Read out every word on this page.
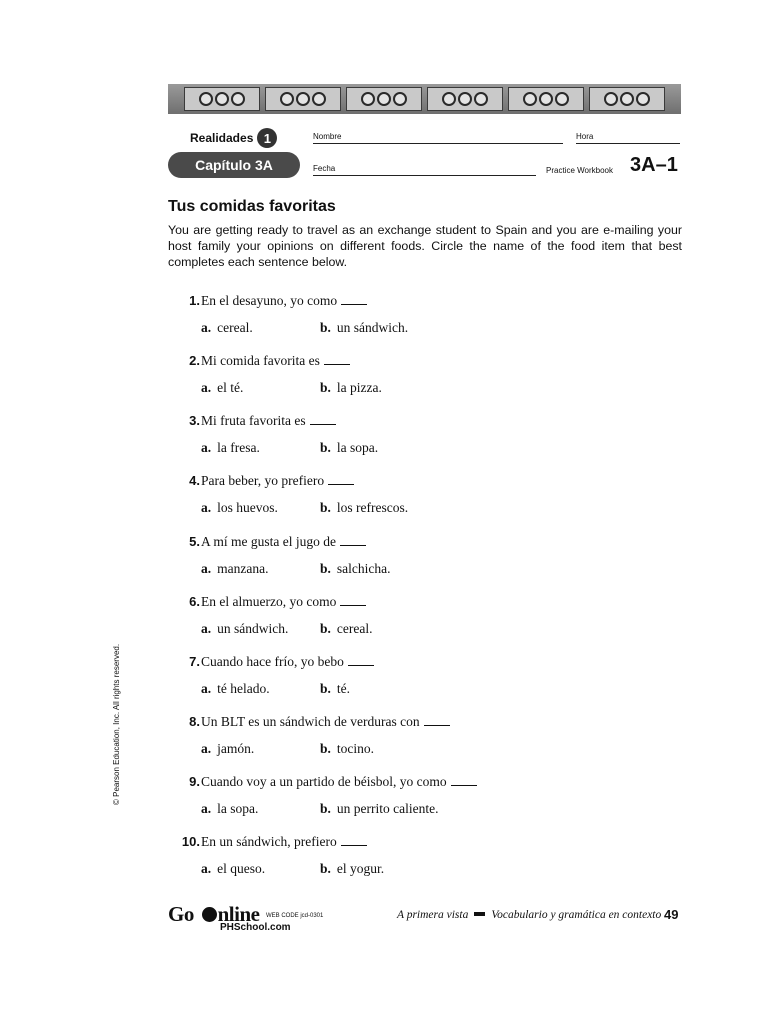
Realidades 1
Capítulo 3A
Nombre	Hora
Fecha	Practice Workbook 3A–1
Tus comidas favoritas

You are getting ready to travel as an exchange student to Spain and you are e-mailing your host family your opinions on different foods. Circle the name of the food item that best completes each sentence below.

1. En el desayuno, yo como
a. cereal.	b. un sándwich.
2. Mi comida favorita es
a. el té.	b. la pizza.
3. Mi fruta favorita es
a. la fresa.	b. la sopa.
4. Para beber, yo prefiero
a. los huevos.	b. los refrescos.
5. A mí me gusta el jugo de
a. manzana.	b. salchicha.
6. En el almuerzo, yo como
a. un sándwich. b. cereal.
7. Cuando hace frío, yo bebo
a. té helado.	b. té.
8. Un BLT es un sándwich de verduras con
a. jamón.	b. tocino.
9. Cuando voy a un partido de béisbol, yo como
a. la sopa.	b. un perrito caliente.
10. En un sándwich, prefiero
a. el queso.	b. el yogur.
© Pearson Education, Inc. All rights reserved.
Go nline
PHSchool.com
WEB CODE jcd-0301	A primera vista Vocabulario y gramática en contexto 49
